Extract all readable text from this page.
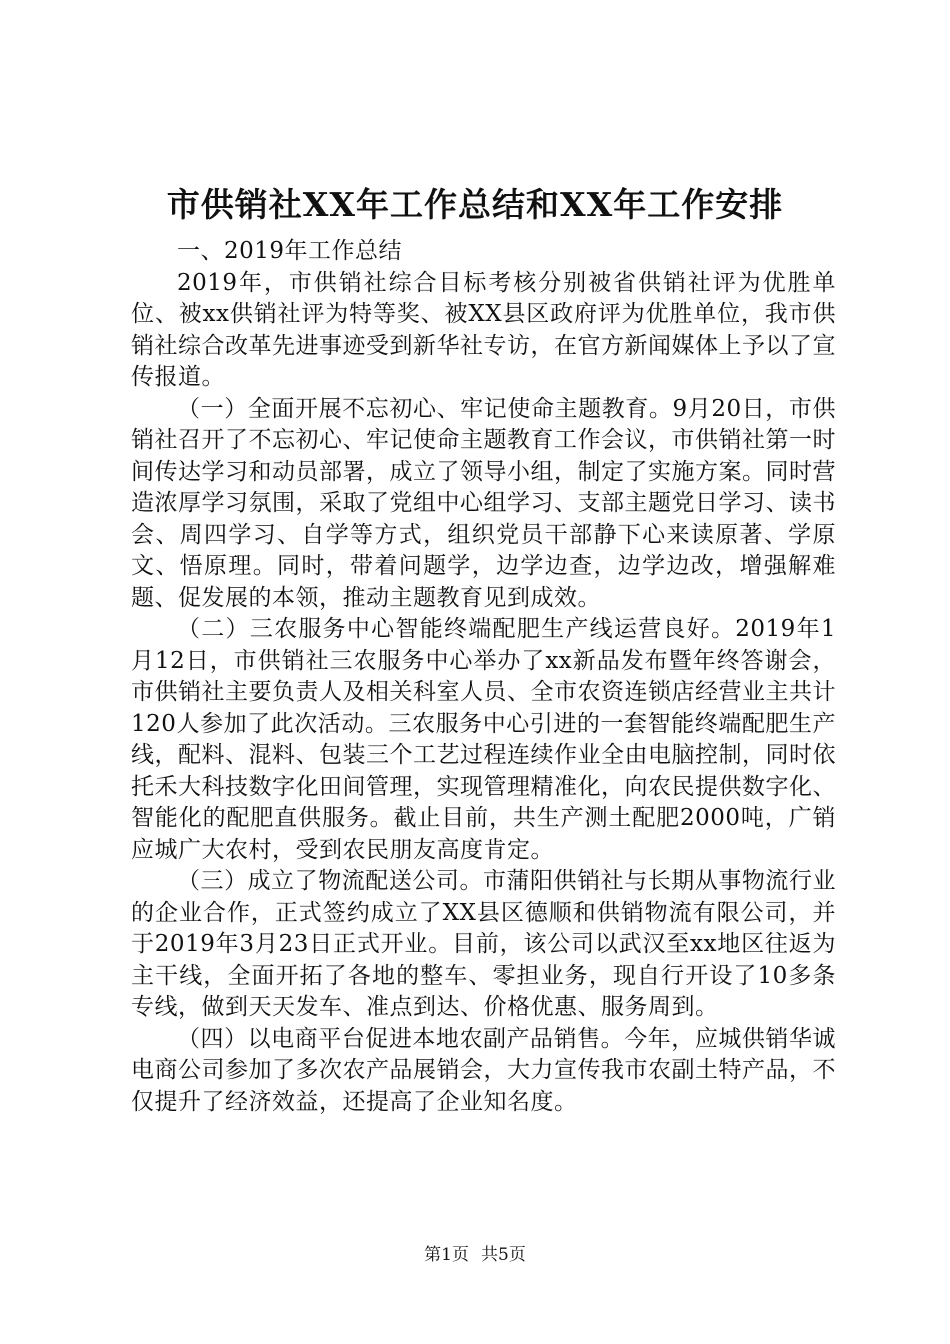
市供销社XX年工作总结和XX年工作安排

一、2019年工作总结

2019年，市供销社综合目标考核分别被省供销社评为优胜单位、被xx供销社评为特等奖、被XX县区政府评为优胜单位，我市供销社综合改革先进事迹受到新华社专访，在官方新闻媒体上予以了宣传报道。

（一）全面开展不忘初心、牢记使命主题教育。9月20日，市供销社召开了不忘初心、牢记使命主题教育工作会议，市供销社第一时间传达学习和动员部署，成立了领导小组，制定了实施方案。同时营造浓厚学习氛围，采取了党组中心组学习、支部主题党日学习、读书会、周四学习、自学等方式，组织党员干部静下心来读原著、学原文、悟原理。同时，带着问题学，边学边查，边学边改，增强解难题、促发展的本领，推动主题教育见到成效。

（二）三农服务中心智能终端配肥生产线运营良好。2019年1月12日，市供销社三农服务中心举办了xx新品发布暨年终答谢会，市供销社主要负责人及相关科室人员、全市农资连锁店经营业主共计120人参加了此次活动。三农服务中心引进的一套智能终端配肥生产线，配料、混料、包装三个工艺过程连续作业全由电脑控制，同时依托禾大科技数字化田间管理，实现管理精准化，向农民提供数字化、智能化的配肥直供服务。截止目前，共生产测土配肥2000吨，广销应城广大农村，受到农民朋友高度肯定。

（三）成立了物流配送公司。市蒲阳供销社与长期从事物流行业的企业合作，正式签约成立了XX县区德顺和供销物流有限公司，并于2019年3月23日正式开业。目前，该公司以武汉至xx地区往返为主干线，全面开拓了各地的整车、零担业务，现自行开设了10多条专线，做到天天发车、准点到达、价格优惠、服务周到。

（四）以电商平台促进本地农副产品销售。今年，应城供销华诚电商公司参加了多次农产品展销会，大力宣传我市农副土特产品，不仅提升了经济效益，还提高了企业知名度。

第1页 共5页
